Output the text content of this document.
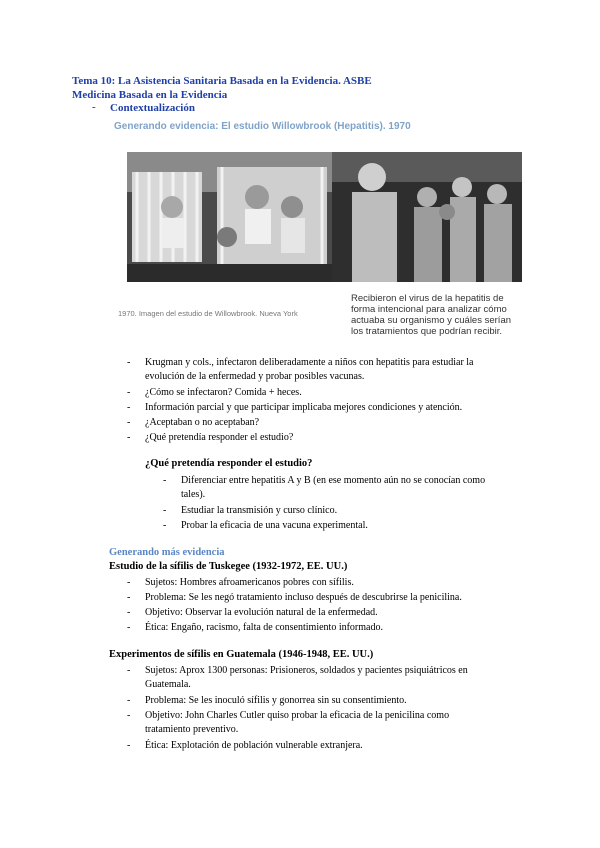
Tema 10: La Asistencia Sanitaria Basada en la Evidencia. ASBE
Medicina Basada en la Evidencia
- Contextualización
Generando evidencia: El estudio Willowbrook (Hepatitis). 1970
1970. Imagen del estudio de Willowbrook. Nueva York
Recibieron el virus de la hepatitis de
forma intencional para analizar cómo
actuaba su organismo y cuáles serían
los tratamientos que podrían recibir.
- Krugman y cols., infectaron deliberadamente a niños con hepatitis para estudiar la
evolución de la enfermedad y probar posibles vacunas.
- ¿Cómo se infectaron? Comida + heces.
- Información parcial y que participar implicaba mejores condiciones y atención.
- ¿Aceptaban o no aceptaban?
- ¿Qué pretendía responder el estudio?
¿Qué pretendía responder el estudio?
- Diferenciar entre hepatitis A y B (en ese momento aún no se conocían como
tales).
- Estudiar la transmisión y curso clínico.
- Probar la eficacia de una vacuna experimental.
Generando más evidencia
Estudio de la sífilis de Tuskegee (1932-1972, EE. UU.)
- Sujetos: Hombres afroamericanos pobres con sífilis.
- Problema: Se les negó tratamiento incluso después de descubrirse la penicilina.
- Objetivo: Observar la evolución natural de la enfermedad.
- Ética: Engaño, racismo, falta de consentimiento informado.
Experimentos de sífilis en Guatemala (1946-1948, EE. UU.)
- Sujetos: Aprox 1300 personas: Prisioneros, soldados y pacientes psiquiátricos en
Guatemala.
- Problema: Se les inoculó sífilis y gonorrea sin su consentimiento.
- Objetivo: John Charles Cutler quiso probar la eficacia de la penicilina como
tratamiento preventivo.
- Ética: Explotación de población vulnerable extranjera.
